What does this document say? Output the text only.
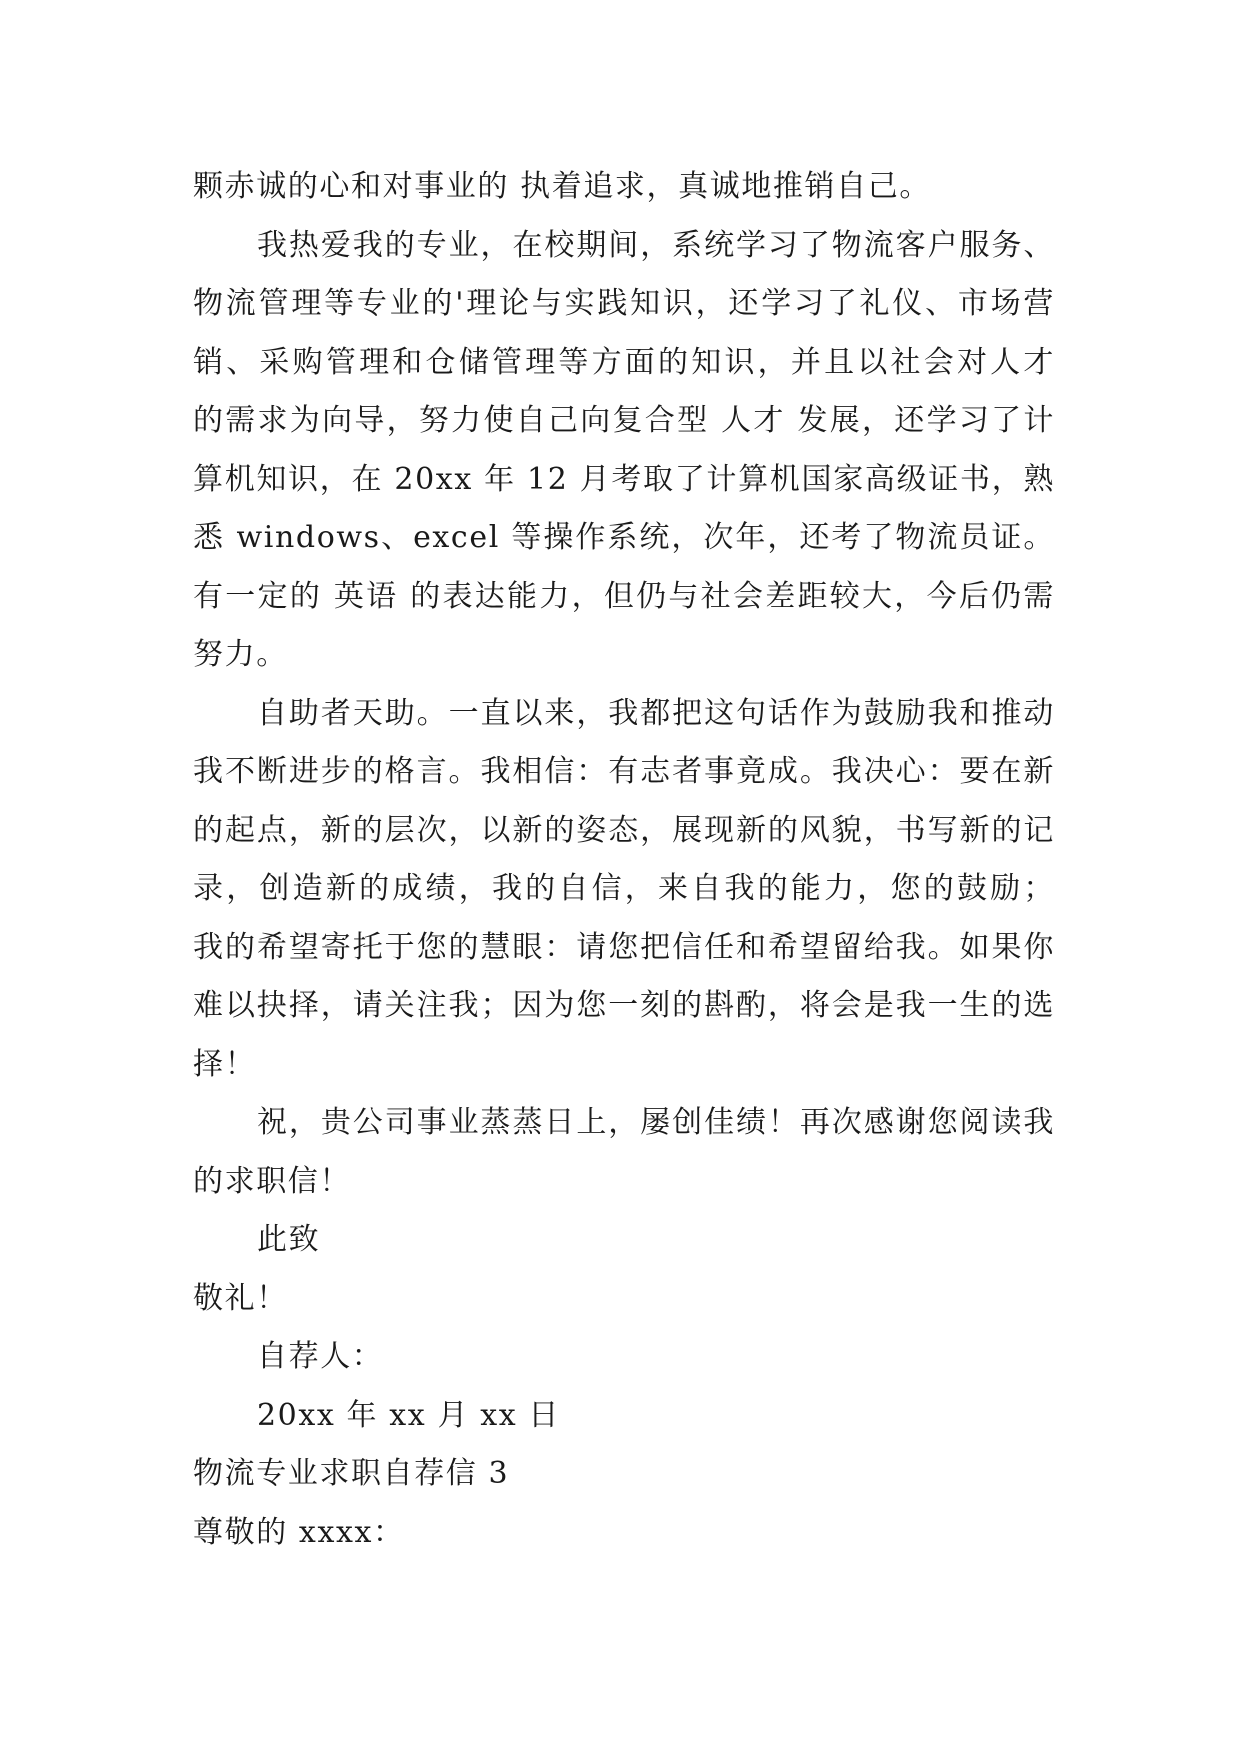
颗赤诚的心和对事业的 执着追求，真诚地推销自己。

我热爱我的专业，在校期间，系统学习了物流客户服务、物流管理等专业的'理论与实践知识，还学习了礼仪、市场营销、采购管理和仓储管理等方面的知识，并且以社会对人才 的需求为向导，努力使自己向复合型 人才 发展，还学习了计算机知识，在 20xx 年 12 月考取了计算机国家高级证书，熟悉 windows、excel 等操作系统，次年，还考了物流员证。有一定的 英语 的表达能力，但仍与社会差距较大，今后仍需努力。

自助者天助。一直以来，我都把这句话作为鼓励我和推动我不断进步的格言。我相信：有志者事竟成。我决心：要在新的起点，新的层次，以新的姿态，展现新的风貌，书写新的记录，创造新的成绩，我的自信，来自我的能力，您的鼓励； 我的希望寄托于您的慧眼：请您把信任和希望留给我。如果你难以抉择，请关注我；因为您一刻的斟酌，将会是我一生的选择！

祝，贵公司事业蒸蒸日上，屡创佳绩！再次感谢您阅读我的求职信！

此致

敬礼！

自荐人：

20xx 年 xx 月 xx 日

物流专业求职自荐信 3

尊敬的 xxxx：
